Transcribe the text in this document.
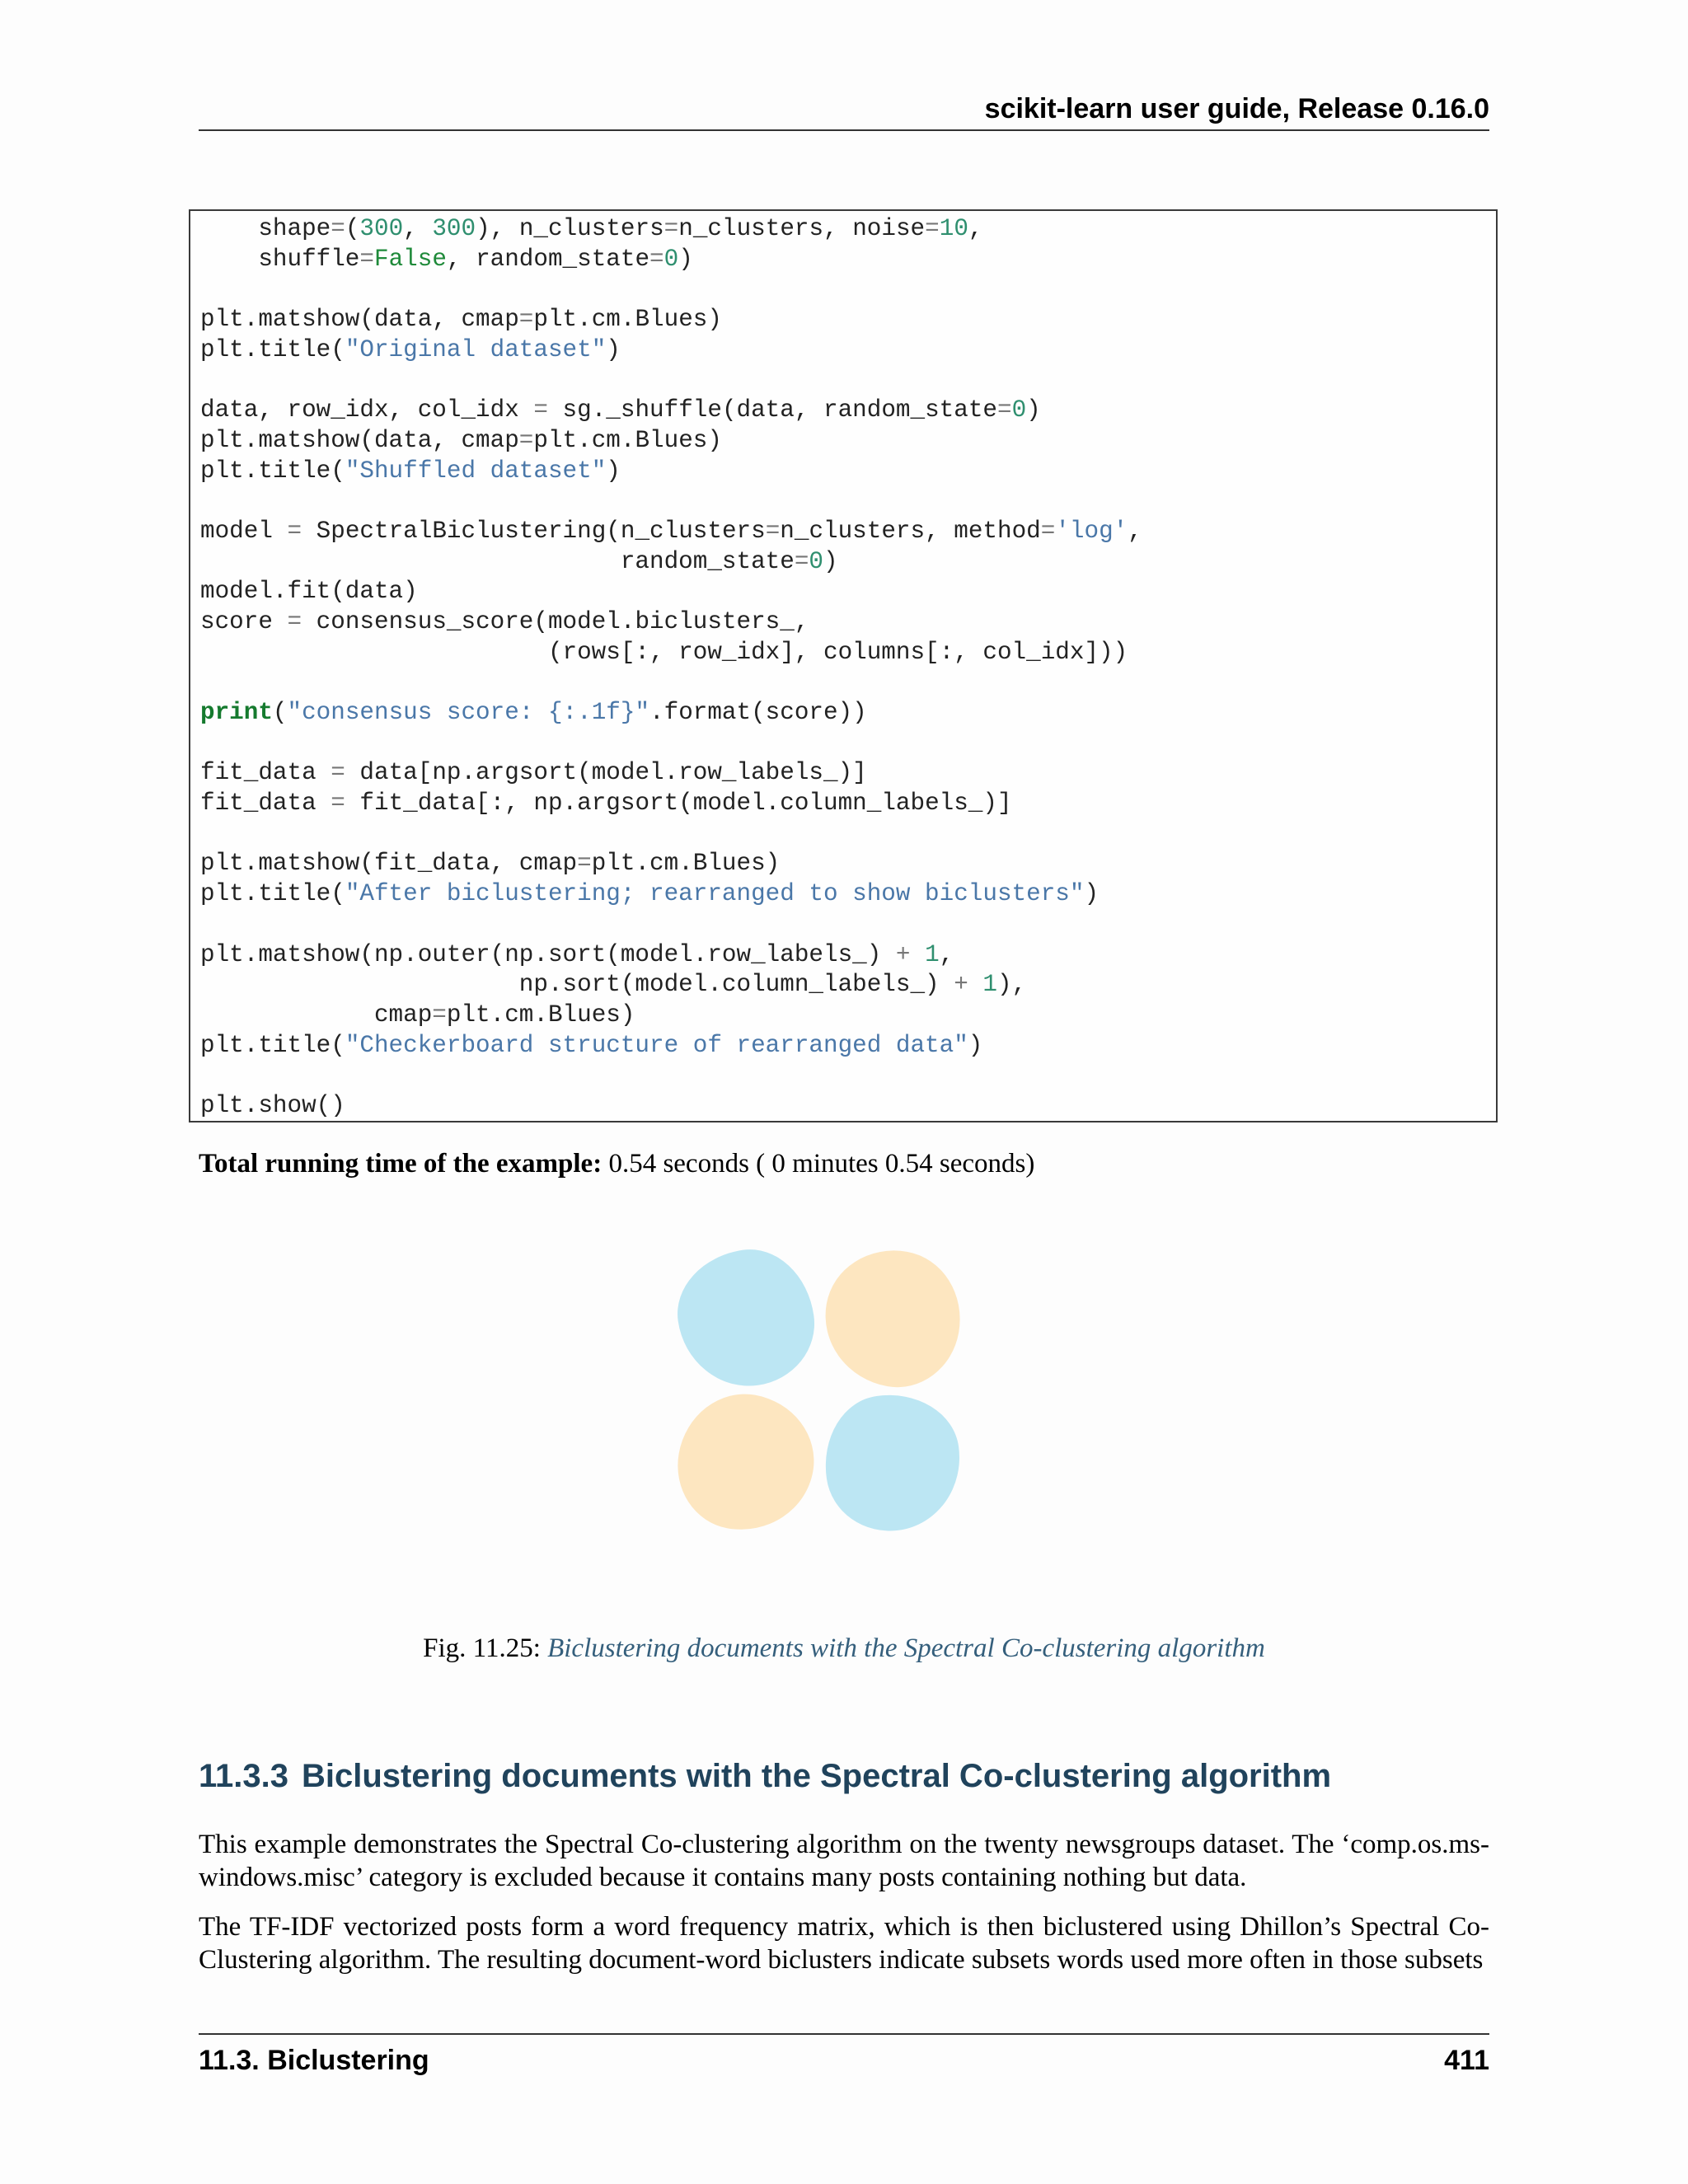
scikit-learn user guide, Release 0.16.0
shape=(300, 300), n_clusters=n_clusters, noise=10,
shuffle=False, random_state=0)
plt.matshow(data, cmap=plt.cm.Blues)
plt.title("Original dataset")
data, row_idx, col_idx = sg._shuffle(data, random_state=0)
plt.matshow(data, cmap=plt.cm.Blues)
plt.title("Shuffled dataset")
model = SpectralBiclustering(n_clusters=n_clusters, method='log',
random_state=0)
model.fit(data)
score = consensus_score(model.biclusters_,
(rows[:, row_idx], columns[:, col_idx]))
print("consensus score: {:.1f}".format(score))
fit_data = data[np.argsort(model.row_labels_)]
fit_data = fit_data[:, np.argsort(model.column_labels_)]
plt.matshow(fit_data, cmap=plt.cm.Blues)
plt.title("After biclustering; rearranged to show biclusters")
plt.matshow(np.outer(np.sort(model.row_labels_) + 1,
np.sort(model.column_labels_) + 1),
cmap=plt.cm.Blues)
plt.title("Checkerboard structure of rearranged data")
plt.show()
Total running time of the example: 0.54 seconds ( 0 minutes 0.54 seconds)
Fig. 11.25: Biclustering documents with the Spectral Co-clustering algorithm
11.3.3 Biclustering documents with the Spectral Co-clustering algorithm

This example demonstrates the Spectral Co-clustering algorithm on the twenty newsgroups dataset. The ‘comp.os.ms-windows.misc’ category is excluded because it contains many posts containing nothing but data.

The TF-IDF vectorized posts form a word frequency matrix, which is then biclustered using Dhillon’s Spectral Co-Clustering algorithm. The resulting document-word biclusters indicate subsets words used more often in those subsets

11.3. Biclustering	411
